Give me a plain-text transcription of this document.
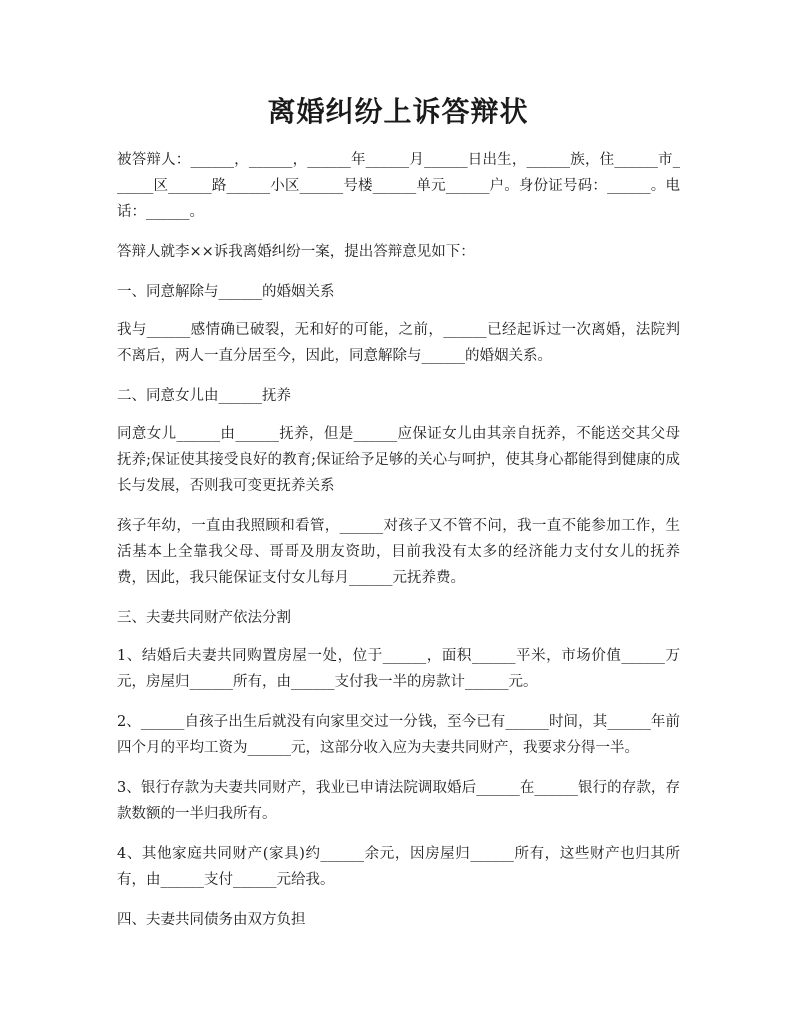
离婚纠纷上诉答辩状

被答辩人：______，______，______年______月______日出生，______族，住______市______区______路______小区______号楼______单元______户。身份证号码：______。电话：______。

答辩人就李××诉我离婚纠纷一案，提出答辩意见如下：

一、同意解除与______的婚姻关系

我与______感情确已破裂，无和好的可能，之前，______已经起诉过一次离婚，法院判不离后，两人一直分居至今，因此，同意解除与______的婚姻关系。

二、同意女儿由______抚养

同意女儿______由______抚养，但是______应保证女儿由其亲自抚养，不能送交其父母抚养;保证使其接受良好的教育;保证给予足够的关心与呵护，使其身心都能得到健康的成长与发展，否则我可变更抚养关系

孩子年幼，一直由我照顾和看管，______对孩子又不管不问，我一直不能参加工作，生活基本上全靠我父母、哥哥及朋友资助，目前我没有太多的经济能力支付女儿的抚养费，因此，我只能保证支付女儿每月______元抚养费。

三、夫妻共同财产依法分割

1、结婚后夫妻共同购置房屋一处，位于______，面积______平米，市场价值______万元，房屋归______所有，由______支付我一半的房款计______元。

2、______自孩子出生后就没有向家里交过一分钱，至今已有______时间，其______年前四个月的平均工资为______元，这部分收入应为夫妻共同财产，我要求分得一半。

3、银行存款为夫妻共同财产，我业已申请法院调取婚后______在______银行的存款，存款数额的一半归我所有。

4、其他家庭共同财产(家具)约______余元，因房屋归______所有，这些财产也归其所有，由______支付______元给我。

四、夫妻共同债务由双方负担
